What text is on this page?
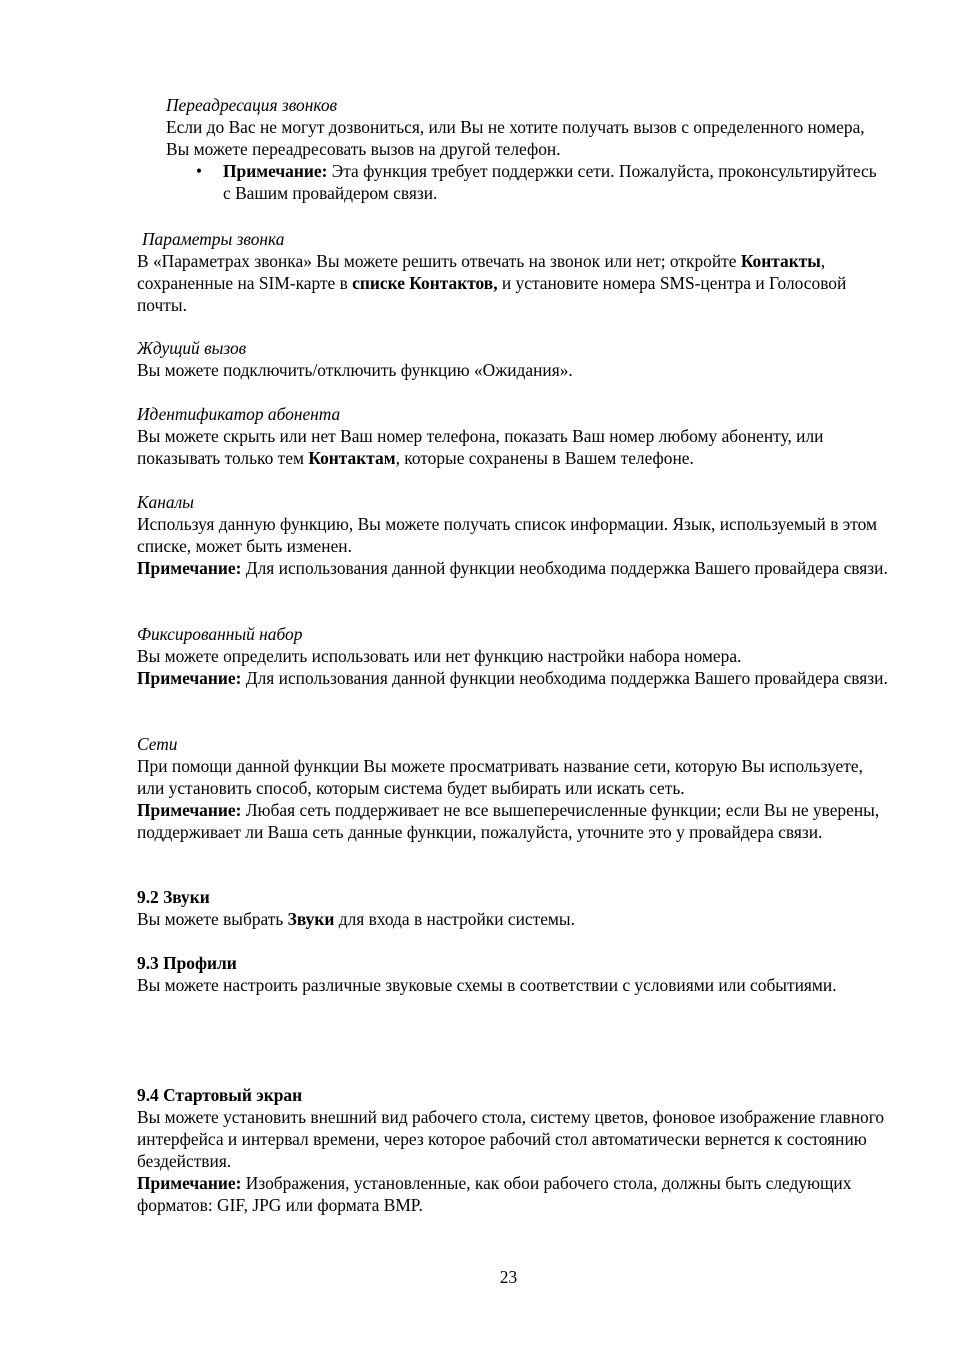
Переадресация звонков

Если до Вас не могут дозвониться, или Вы не хотите получать вызов с определенного номера, Вы можете переадресовать вызов на другой телефон.

• Примечание: Эта функция требует поддержки сети. Пожалуйста, проконсультируйтесь с Вашим провайдером связи.

Параметры звонка

В «Параметрах звонка» Вы можете решить отвечать на звонок или нет; откройте Контакты, сохраненные на SIM-карте в списке Контактов, и установите номера SMS-центра и Голосовой почты.

Ждущий вызов

Вы можете подключить/отключить функцию «Ожидания».

Идентификатор абонента

Вы можете скрыть или нет Ваш номер телефона, показать Ваш номер любому абоненту, или показывать только тем Контактам, которые сохранены в Вашем телефоне.

Каналы

Используя данную функцию, Вы можете получать список информации. Язык, используемый в этом списке, может быть изменен.

Примечание: Для использования данной функции необходима поддержка Вашего провайдера связи.

Фиксированный набор

Вы можете определить использовать или нет функцию настройки набора номера.

Примечание: Для использования данной функции необходима поддержка Вашего провайдера связи.

Сети

При помощи данной функции Вы можете просматривать название сети, которую Вы используете, или установить способ, которым система будет выбирать или искать сеть.

Примечание: Любая сеть поддерживает не все вышеперечисленные функции; если Вы не уверены, поддерживает ли Ваша сеть данные функции, пожалуйста, уточните это у провайдера связи.

9.2 Звуки

Вы можете выбрать Звуки для входа в настройки системы.

9.3 Профили

Вы можете настроить различные звуковые схемы в соответствии с условиями или событиями.

9.4 Стартовый экран

Вы можете установить внешний вид рабочего стола, систему цветов, фоновое изображение главного интерфейса и интервал времени, через которое рабочий стол автоматически вернется к состоянию бездействия.

Примечание: Изображения, установленные, как обои рабочего стола, должны быть следующих форматов: GIF, JPG или формата BMP.

23
